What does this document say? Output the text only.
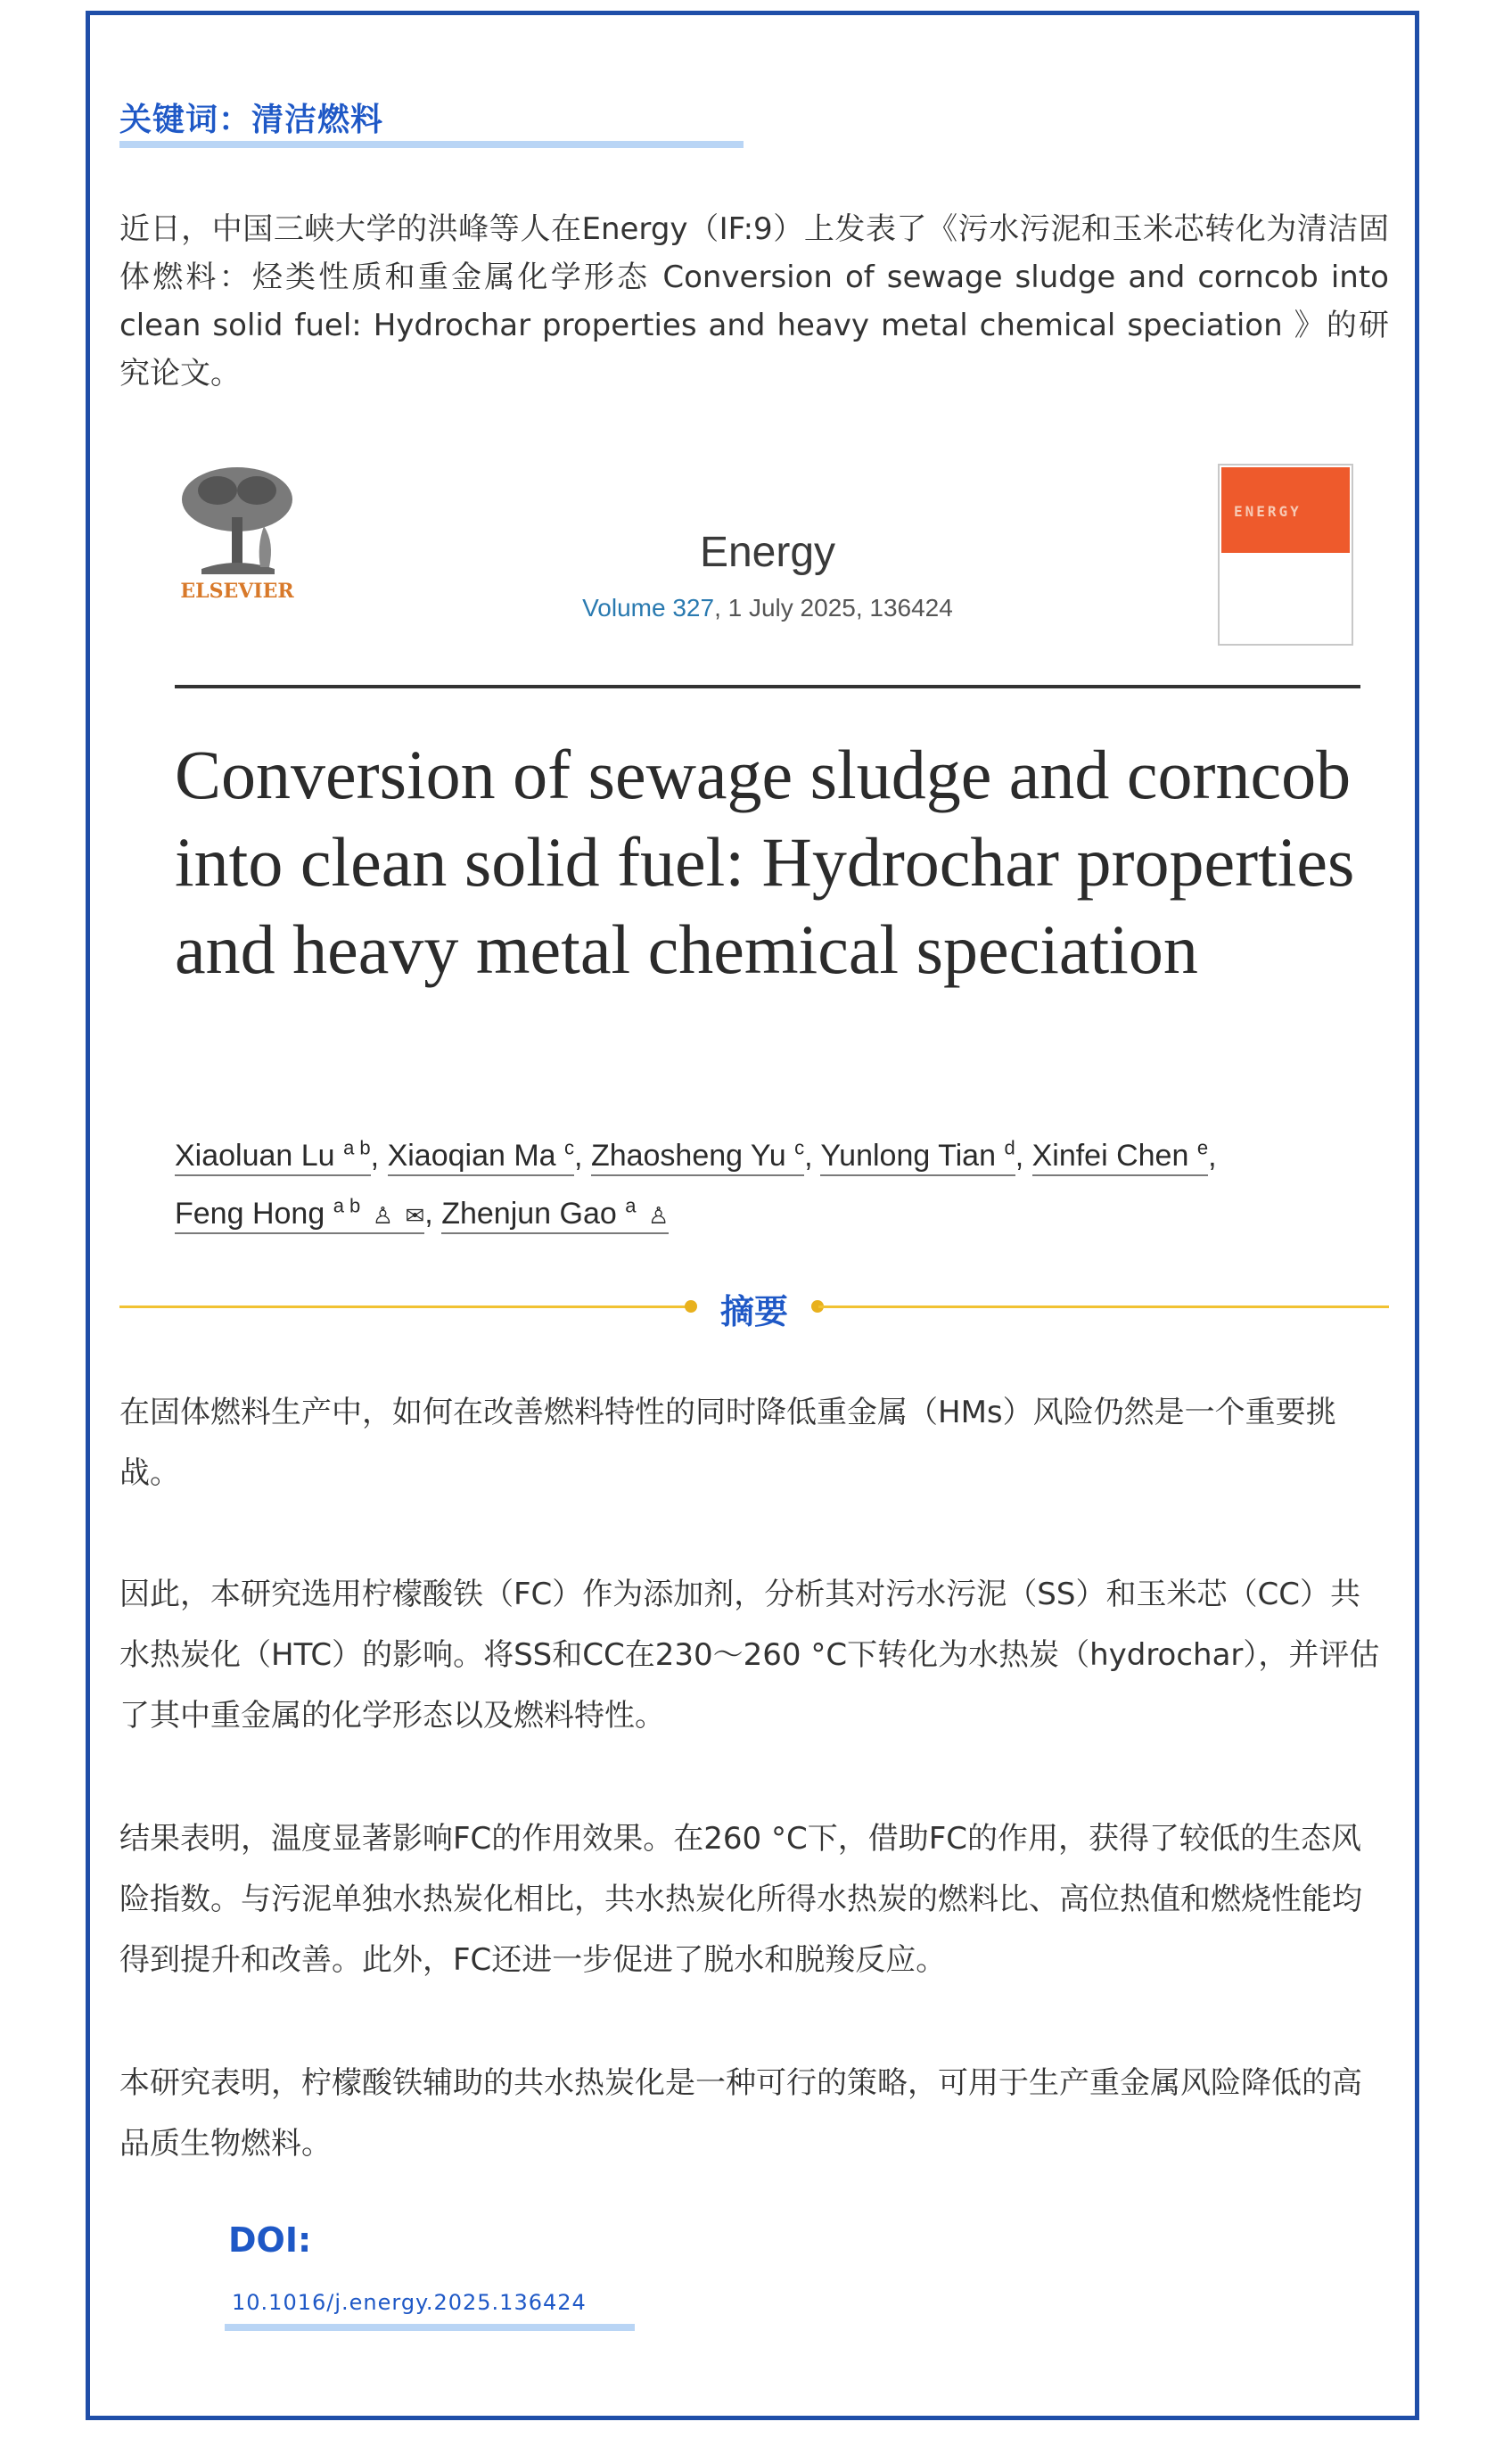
关键词：清洁燃料
近日，中国三峡大学的洪峰等人在Energy（IF:9）上发表了《污水污泥和玉米芯转化为清洁固体燃料：烃类性质和重金属化学形态 Conversion of sewage sludge and corncob into clean solid fuel: Hydrochar properties and heavy metal chemical speciation 》的研究论文。
ELSEVIER
Energy
Volume 327, 1 July 2025, 136424
ENERGY
Conversion of sewage sludge and corncob into clean solid fuel: Hydrochar properties and heavy metal chemical speciation
Xiaoluan Lu $^{a b}$, Xiaoqian Ma $^c$, Zhaosheng Yu $^c$, Yunlong Tian $^d$, Xinfei Chen $^e$,
Feng Hong $^{a b}$ ♙ ✉, Zhenjun Gao $^a$ ♙
摘要
在固体燃料生产中，如何在改善燃料特性的同时降低重金属（HMs）风险仍然是一个重要挑战。
因此，本研究选用柠檬酸铁（FC）作为添加剂，分析其对污水污泥（SS）和玉米芯（CC）共水热炭化（HTC）的影响。将SS和CC在230～260 °C下转化为水热炭（hydrochar），并评估了其中重金属的化学形态以及燃料特性。
结果表明，温度显著影响FC的作用效果。在260 °C下，借助FC的作用，获得了较低的生态风险指数。与污泥单独水热炭化相比，共水热炭化所得水热炭的燃料比、高位热值和燃烧性能均得到提升和改善。此外，FC还进一步促进了脱水和脱羧反应。
本研究表明，柠檬酸铁辅助的共水热炭化是一种可行的策略，可用于生产重金属风险降低的高品质生物燃料。
DOI:
10.1016/j.energy.2025.136424
